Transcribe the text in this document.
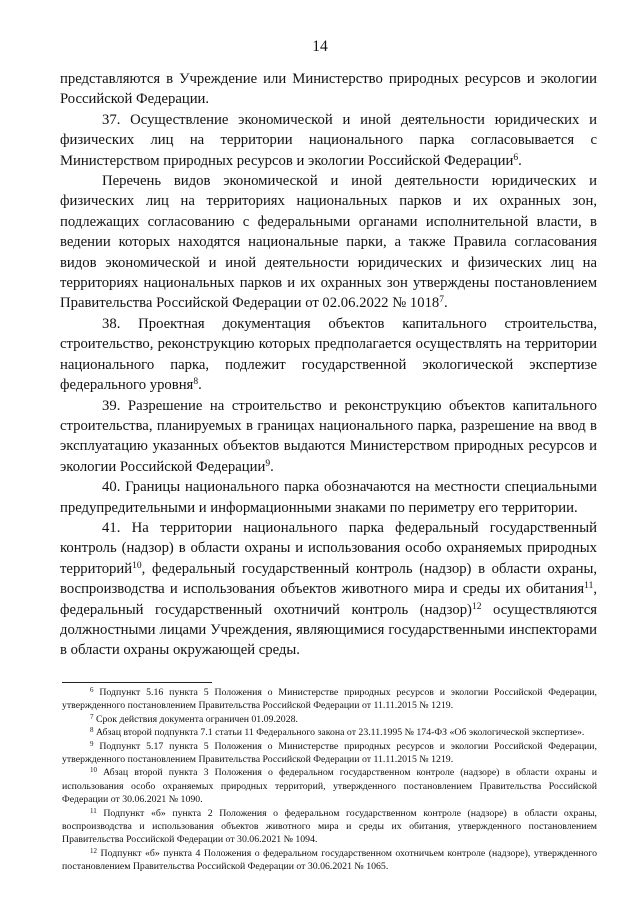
14

представляются в Учреждение или Министерство природных ресурсов и экологии Российской Федерации.

37. Осуществление экономической и иной деятельности юридических и физических лиц на территории национального парка согласовывается с Министерством природных ресурсов и экологии Российской Федерации$^6$.

Перечень видов экономической и иной деятельности юридических и физических лиц на территориях национальных парков и их охранных зон, подлежащих согласованию с федеральными органами исполнительной власти, в ведении которых находятся национальные парки, а также Правила согласования видов экономической и иной деятельности юридических и физических лиц на территориях национальных парков и их охранных зон утверждены постановлением Правительства Российской Федерации от 02.06.2022 № 1018$^7$.

38. Проектная документация объектов капитального строительства, строительство, реконструкцию которых предполагается осуществлять на территории национального парка, подлежит государственной экологической экспертизе федерального уровня$^8$.

39. Разрешение на строительство и реконструкцию объектов капитального строительства, планируемых в границах национального парка, разрешение на ввод в эксплуатацию указанных объектов выдаются Министерством природных ресурсов и экологии Российской Федерации$^9$.

40. Границы национального парка обозначаются на местности специальными предупредительными и информационными знаками по периметру его территории.

41. На территории национального парка федеральный государственный контроль (надзор) в области охраны и использования особо охраняемых природных территорий$^{10}$, федеральный государственный контроль (надзор) в области охраны, воспроизводства и использования объектов животного мира и среды их обитания$^{11}$, федеральный государственный охотничий контроль (надзор)$^{12}$ осуществляются должностными лицами Учреждения, являющимися государственными инспекторами в области охраны окружающей среды.

$^6$ Подпункт 5.16 пункта 5 Положения о Министерстве природных ресурсов и экологии Российской Федерации, утвержденного постановлением Правительства Российской Федерации от 11.11.2015 № 1219.

$^7$ Срок действия документа ограничен 01.09.2028.

$^8$ Абзац второй подпункта 7.1 статьи 11 Федерального закона от 23.11.1995 № 174-ФЗ «Об экологической экспертизе».

$^9$ Подпункт 5.17 пункта 5 Положения о Министерстве природных ресурсов и экологии Российской Федерации, утвержденного постановлением Правительства Российской Федерации от 11.11.2015 № 1219.

$^{10}$ Абзац второй пункта 3 Положения о федеральном государственном контроле (надзоре) в области охраны и использования особо охраняемых природных территорий, утвержденного постановлением Правительства Российской Федерации от 30.06.2021 № 1090.

$^{11}$ Подпункт «б» пункта 2 Положения о федеральном государственном контроле (надзоре) в области охраны, воспроизводства и использования объектов животного мира и среды их обитания, утвержденного постановлением Правительства Российской Федерации от 30.06.2021 № 1094.

$^{12}$ Подпункт «б» пункта 4 Положения о федеральном государственном охотничьем контроле (надзоре), утвержденного постановлением Правительства Российской Федерации от 30.06.2021 № 1065.
